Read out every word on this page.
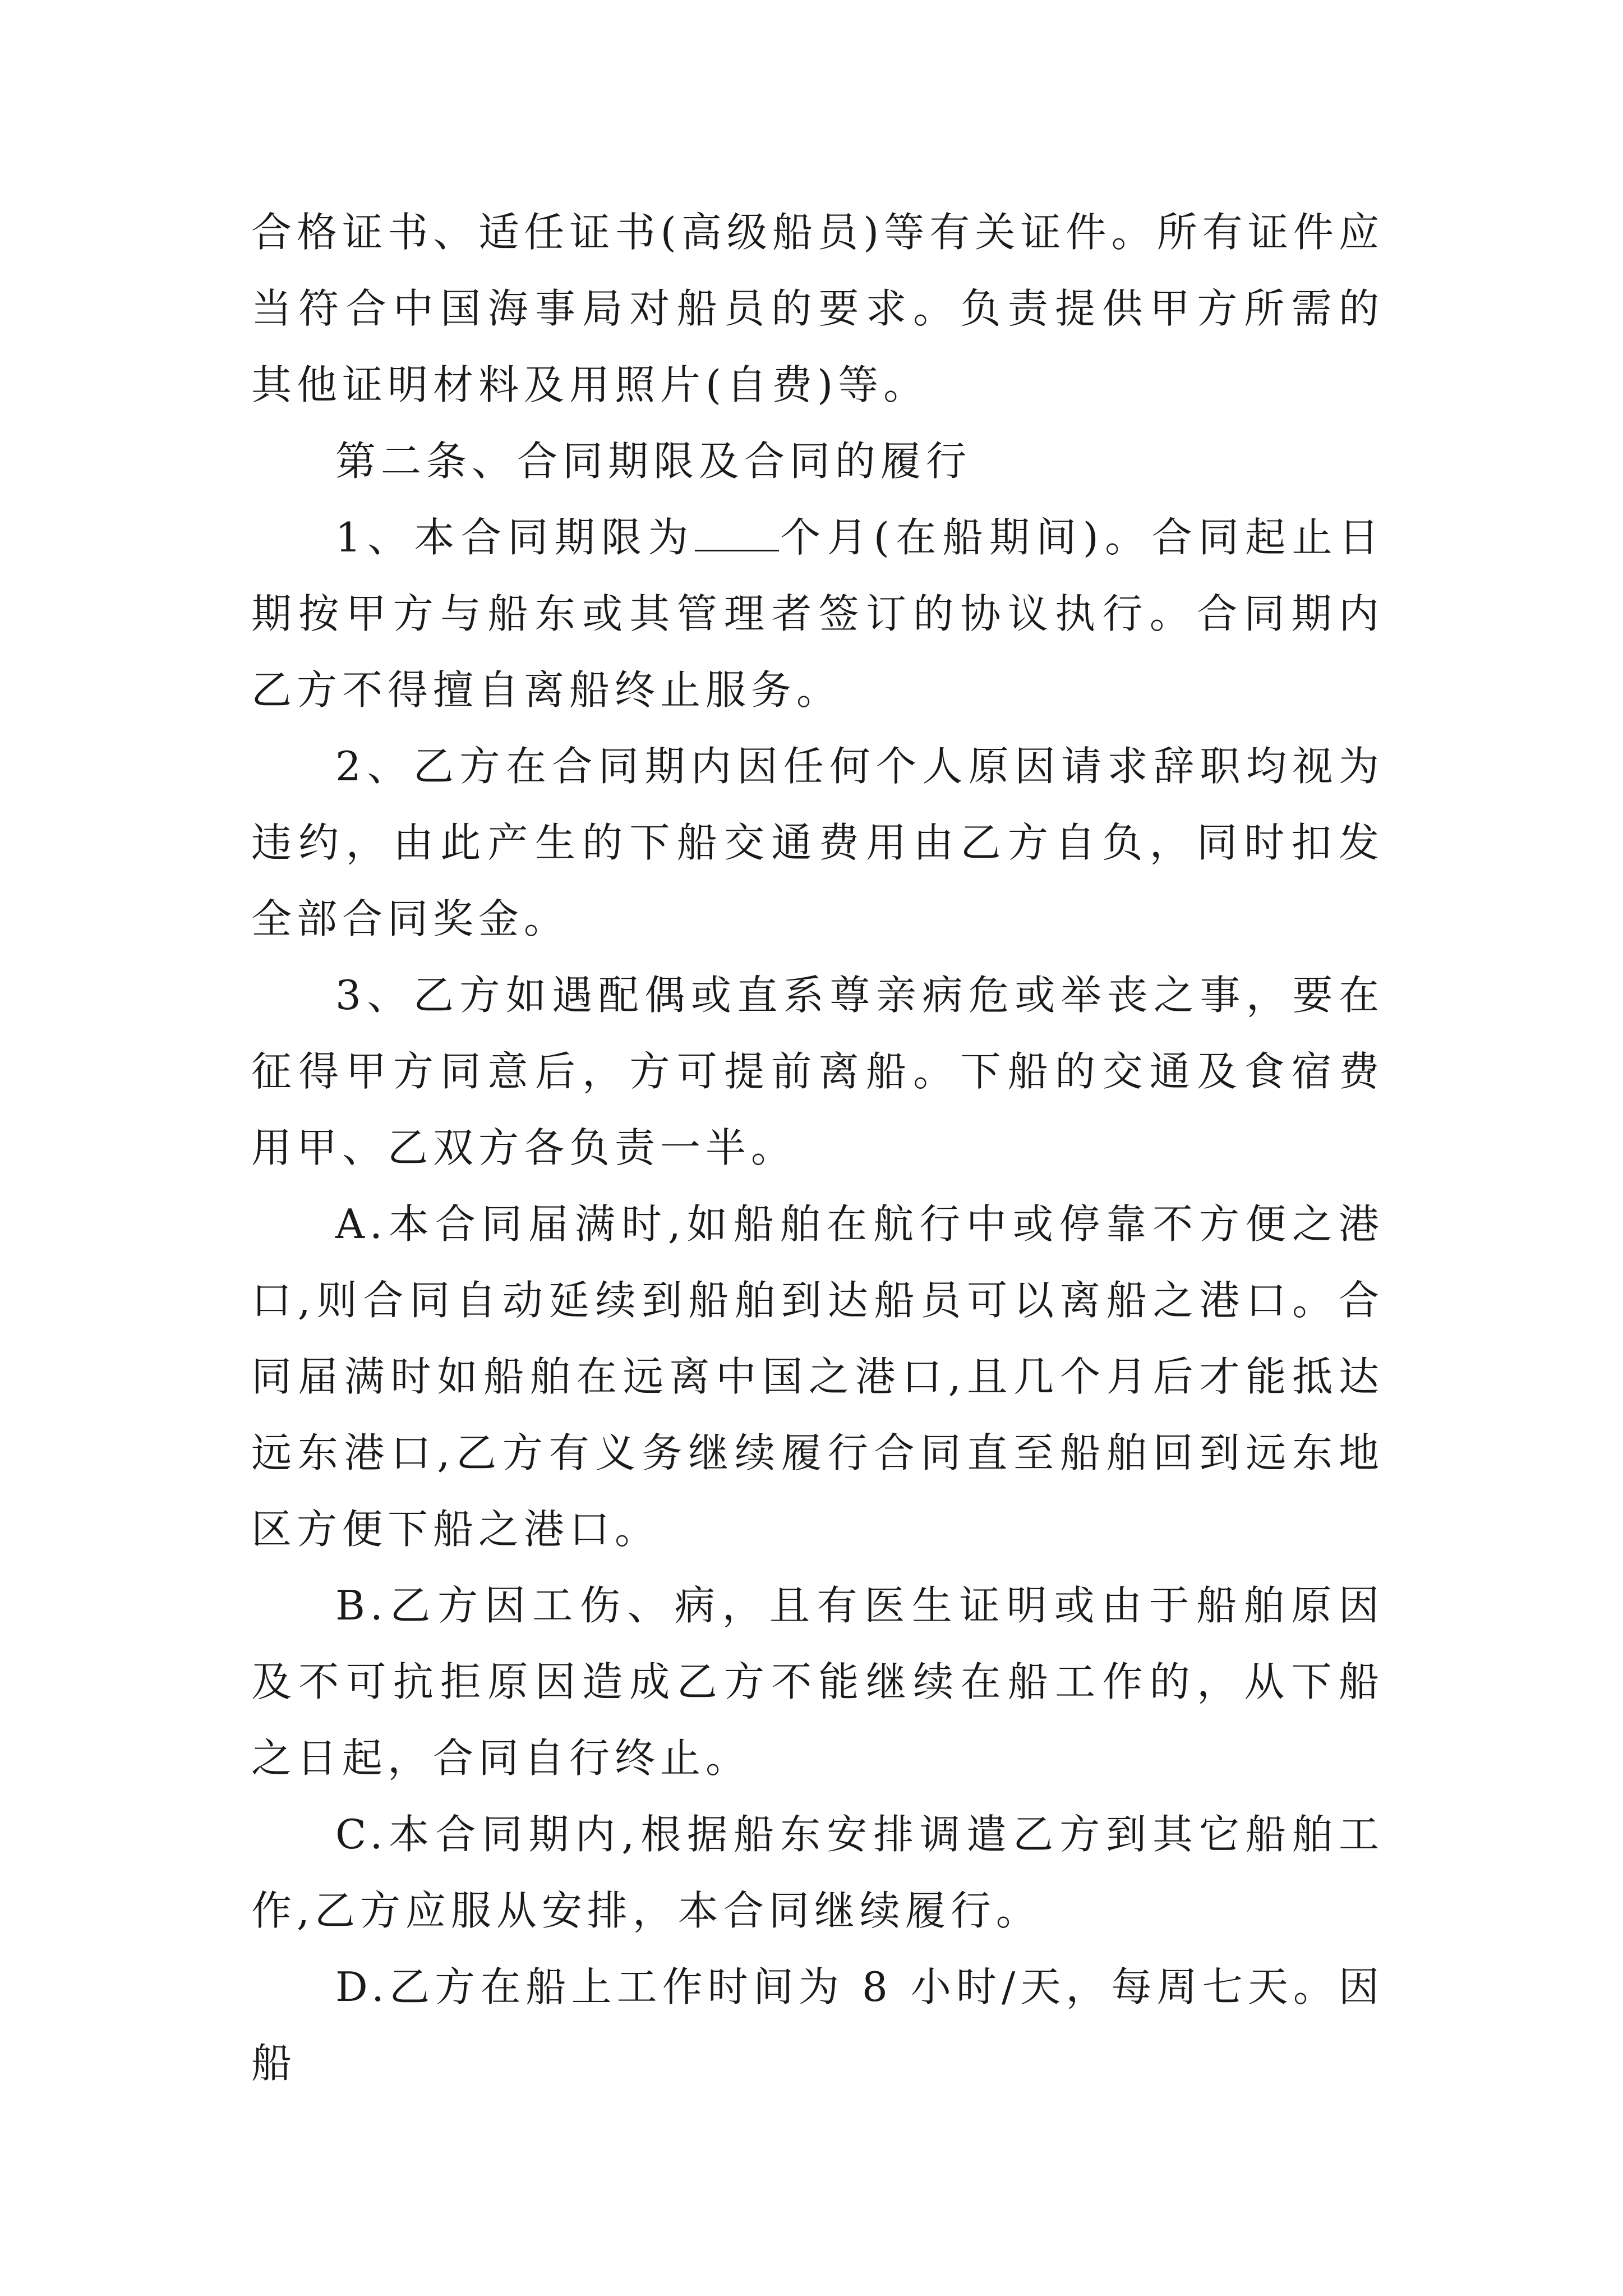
合格证书、适任证书(高级船员)等有关证件。所有证件应当符合中国海事局对船员的要求。负责提供甲方所需的其他证明材料及用照片(自费)等。

第二条、合同期限及合同的履行

1、本合同期限为 个月(在船期间)。合同起止日期按甲方与船东或其管理者签订的协议执行。合同期内乙方不得擅自离船终止服务。

2、乙方在合同期内因任何个人原因请求辞职均视为违约，由此产生的下船交通费用由乙方自负，同时扣发全部合同奖金。

3、乙方如遇配偶或直系尊亲病危或举丧之事，要在征得甲方同意后，方可提前离船。下船的交通及食宿费用甲、乙双方各负责一半。

A.本合同届满时,如船舶在航行中或停靠不方便之港口,则合同自动延续到船舶到达船员可以离船之港口。合同届满时如船舶在远离中国之港口,且几个月后才能抵达远东港口,乙方有义务继续履行合同直至船舶回到远东地区方便下船之港口。

B.乙方因工伤、病，且有医生证明或由于船舶原因及不可抗拒原因造成乙方不能继续在船工作的，从下船之日起，合同自行终止。

C.本合同期内,根据船东安排调遣乙方到其它船舶工作,乙方应服从安排，本合同继续履行。

D.乙方在船上工作时间为 8 小时/天，每周七天。因船
